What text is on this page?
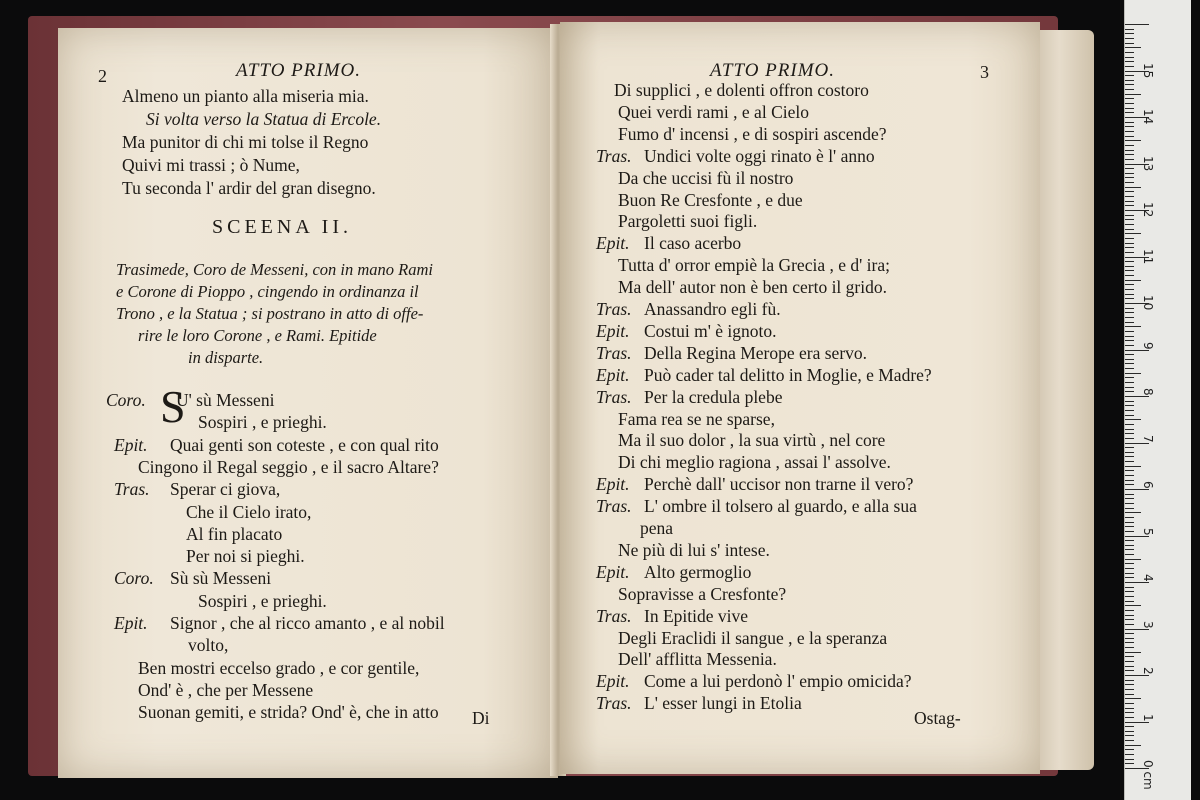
2	ATTO PRIMO.
Almeno un pianto alla miseria mia.
Si volta verso la Statua di Ercole.
Ma punitor di chi mi tolse il Regno
Quivi mi trassi ; ò Nume,
Tu seconda l' ardir del gran disegno.
SCEENA II.
Trasimede, Coro de Messeni, con in mano Rami
e Corone di Pioppo , cingendo in ordinanza il
Trono , e la Statua ; si postrano in atto di offe-
rire le loro Corone , e Rami. Epitide
in disparte.
S
Coro. U' sù Messeni
Sospiri , e prieghi.
Epit. Quai genti son coteste , e con qual rito
Cingono il Regal seggio , e il sacro Altare?
Tras. Sperar ci giova,
Che il Cielo irato,
Al fin placato
Per noi si pieghi.
Coro. Sù sù Messeni
Sospiri , e prieghi.
Epit. Signor , che al ricco amanto , e al nobil
volto,
Ben mostri eccelso grado , e cor gentile,
Ond' è , che per Messene
Suonan gemiti, e strida? Ond' è, che in atto Di
ATTO PRIMO.	3
Di supplici , e dolenti offron costoro
Quei verdi rami , e al Cielo
Fumo d' incensi , e di sospiri ascende?
Tras. Undici volte oggi rinato è l' anno
Da che uccisi fù il nostro
Buon Re Cresfonte , e due
Pargoletti suoi figli.
Epit. Il caso acerbo
Tutta d' orror empiè la Grecia , e d' ira;
Ma dell' autor non è ben certo il grido.
Tras. Anassandro egli fù.
Epit. Costui m' è ignoto.
Tras. Della Regina Merope era servo.
Epit. Può cader tal delitto in Moglie, e Madre?
Tras. Per la credula plebe
Fama rea se ne sparse,
Ma il suo dolor , la sua virtù , nel core
Di chi meglio ragiona , assai l' assolve.
Epit. Perchè dall' uccisor non trarne il vero?
Tras. L' ombre il tolsero al guardo, e alla sua
pena
Ne più di lui s' intese.
Epit. Alto germoglio
Sopravisse a Cresfonte?
Tras. In Epitide vive
Degli Eraclidi il sangue , e la speranza
Dell' afflitta Messenia.
Epit. Come a lui perdonò l' empio omicida?
Tras. L' esser lungi in Etolia
Ostag-
0 cm
1
2
3
4
5
6
7
8
9
10
11
12
13
14
15
